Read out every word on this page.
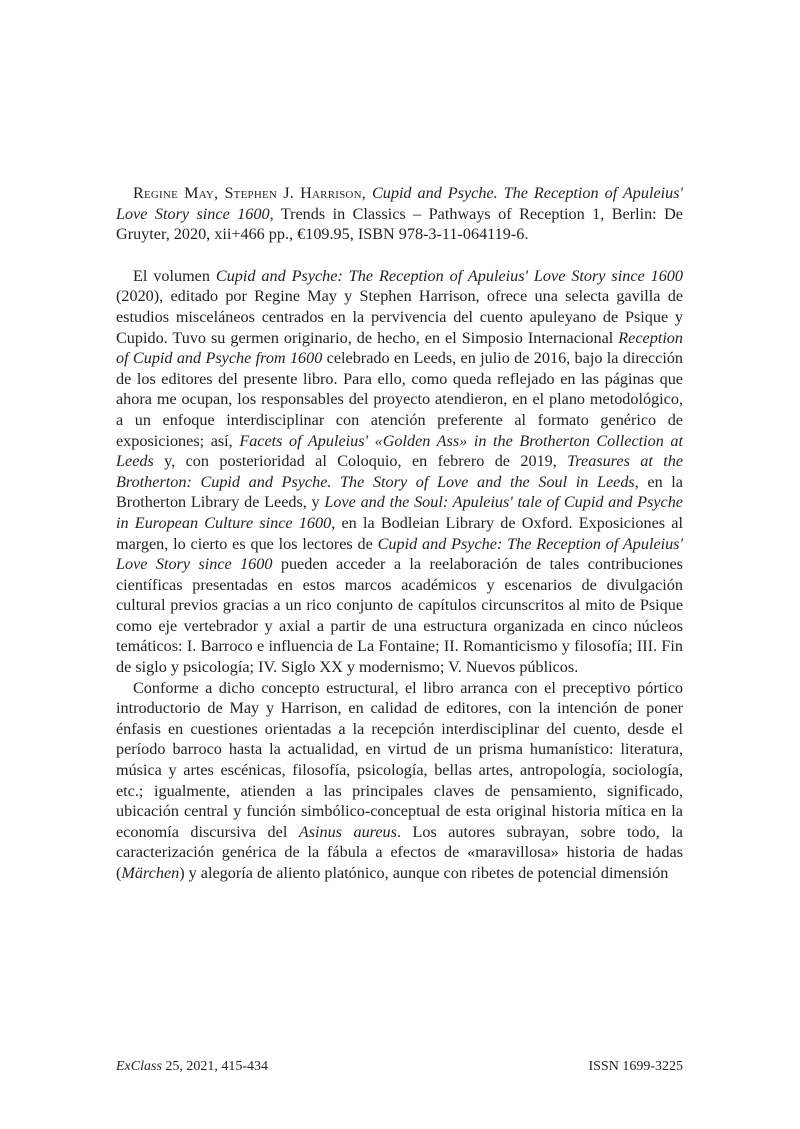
Regine May, Stephen J. Harrison, Cupid and Psyche. The Reception of Apuleius' Love Story since 1600, Trends in Classics – Pathways of Reception 1, Berlin: De Gruyter, 2020, xii+466 pp., €109.95, ISBN 978-3-11-064119-6.

El volumen Cupid and Psyche: The Reception of Apuleius' Love Story since 1600 (2020), editado por Regine May y Stephen Harrison, ofrece una selecta gavilla de estudios misceláneos centrados en la pervivencia del cuento apuleyano de Psique y Cupido. Tuvo su germen originario, de hecho, en el Simposio Internacional Reception of Cupid and Psyche from 1600 celebrado en Leeds, en julio de 2016, bajo la dirección de los editores del presente libro. Para ello, como queda reflejado en las páginas que ahora me ocupan, los responsables del proyecto atendieron, en el plano metodológico, a un enfoque interdisciplinar con atención preferente al formato genérico de exposiciones; así, Facets of Apuleius' «Golden Ass» in the Brotherton Collection at Leeds y, con posterioridad al Coloquio, en febrero de 2019, Treasures at the Brotherton: Cupid and Psyche. The Story of Love and the Soul in Leeds, en la Brotherton Library de Leeds, y Love and the Soul: Apuleius' tale of Cupid and Psyche in European Culture since 1600, en la Bodleian Library de Oxford. Exposiciones al margen, lo cierto es que los lectores de Cupid and Psyche: The Reception of Apuleius' Love Story since 1600 pueden acceder a la reelaboración de tales contribuciones científicas presentadas en estos marcos académicos y escenarios de divulgación cultural previos gracias a un rico conjunto de capítulos circunscritos al mito de Psique como eje vertebrador y axial a partir de una estructura organizada en cinco núcleos temáticos: I. Barroco e influencia de La Fontaine; II. Romanticismo y filosofía; III. Fin de siglo y psicología; IV. Siglo XX y modernismo; V. Nuevos públicos.

Conforme a dicho concepto estructural, el libro arranca con el preceptivo pórtico introductorio de May y Harrison, en calidad de editores, con la intención de poner énfasis en cuestiones orientadas a la recepción interdisciplinar del cuento, desde el período barroco hasta la actualidad, en virtud de un prisma humanístico: literatura, música y artes escénicas, filosofía, psicología, bellas artes, antropología, sociología, etc.; igualmente, atienden a las principales claves de pensamiento, significado, ubicación central y función simbólico-conceptual de esta original historia mítica en la economía discursiva del Asinus aureus. Los autores subrayan, sobre todo, la caracterización genérica de la fábula a efectos de «maravillosa» historia de hadas (Märchen) y alegoría de aliento platónico, aunque con ribetes de potencial dimensión

ExClass 25, 2021, 415-434	ISSN 1699-3225
